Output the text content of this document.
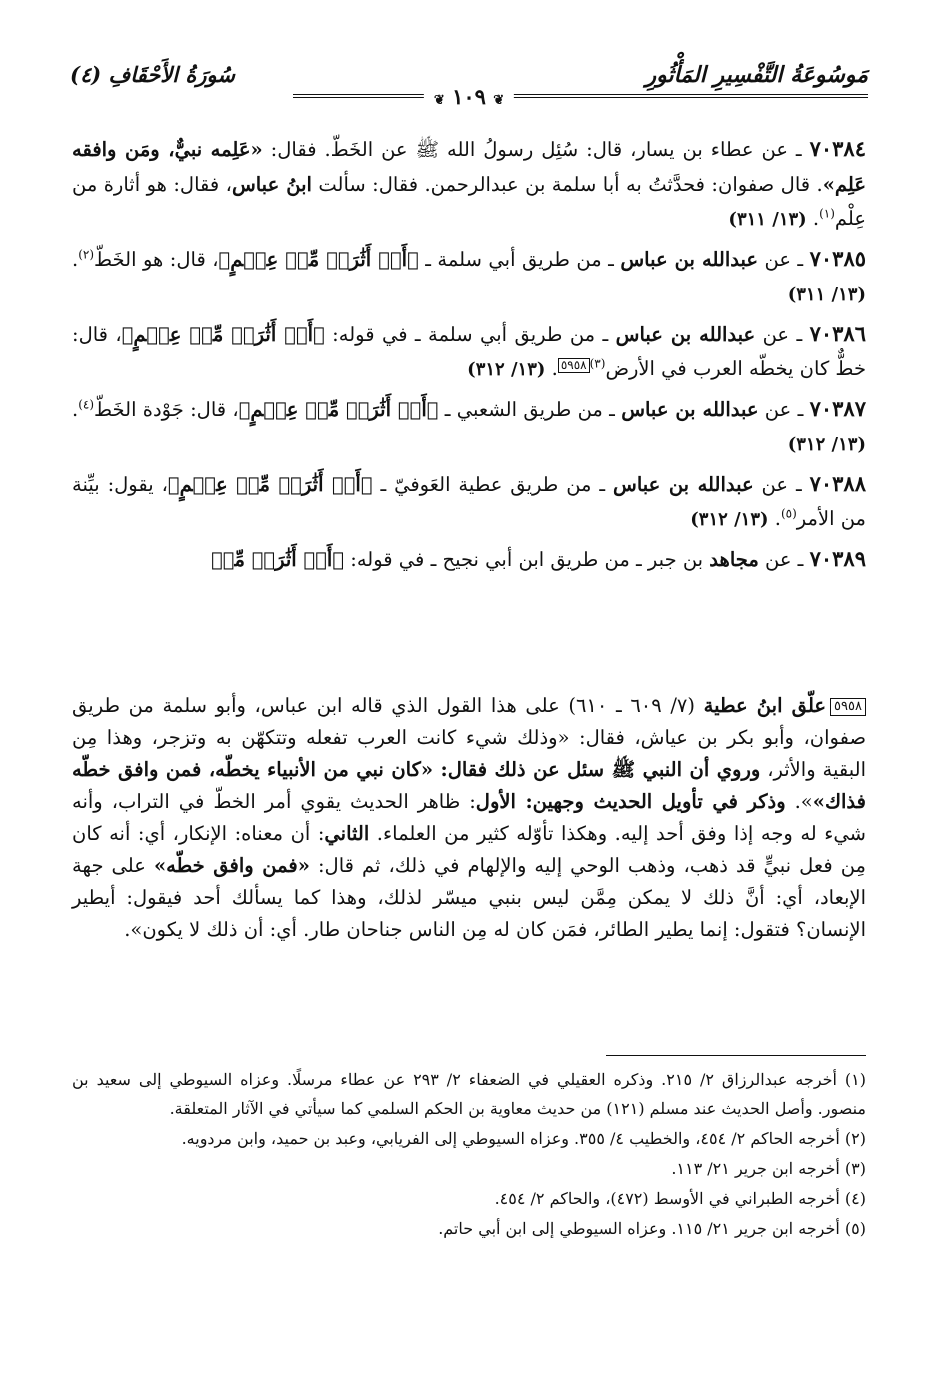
مَوسُوعَةُ التَّفْسِيرِ المَأْثُورِ
❦ ١٠٩ ❦
سُورَةُ الأَحْقَافِ (٤)

٧٠٣٨٤ ـ عن عطاء بن يسار، قال: سُئِل رسولُ الله ﷺ عن الخَطّ. فقال: «عَلِمه نبيٌّ، ومَن وافقه عَلِم». قال صفوان: فحدَّثتُ به أبا سلمة بن عبدالرحمن. فقال: سألت ابنُ عباس، فقال: هو أثارة من عِلْم$^{(١)}$. (١٣/ ٣١١)

٧٠٣٨٥ ـ عن عبدالله بن عباس ـ من طريق أبي سلمة ـ ﴿أَوۡ أَثَٰرَةٖ مِّنۡ عِلۡمٍ﴾، قال: هو الخَطّ$^{(٢)}$. (١٣/ ٣١١)

٧٠٣٨٦ ـ عن عبدالله بن عباس ـ من طريق أبي سلمة ـ في قوله: ﴿أَوۡ أَثَٰرَةٖ مِّنۡ عِلۡمٍ﴾، قال: خطٌّ كان يخطّه العرب في الأرض$^{(٣)}$٥٩٥٨. (١٣/ ٣١٢)

٧٠٣٨٧ ـ عن عبدالله بن عباس ـ من طريق الشعبي ـ ﴿أَوۡ أَثَٰرَةٖ مِّنۡ عِلۡمٍ﴾، قال: جَوْدة الخَطّ$^{(٤)}$. (١٣/ ٣١٢)

٧٠٣٨٨ ـ عن عبدالله بن عباس ـ من طريق عطية العَوفيّ ـ ﴿أَوۡ أَثَٰرَةٖ مِّنۡ عِلۡمٍ﴾، يقول: بيِّنة من الأمر$^{(٥)}$. (١٣/ ٣١٢)

٧٠٣٨٩ ـ عن مجاهد بن جبر ـ من طريق ابن أبي نجيح ـ في قوله: ﴿أَوۡ أَثَٰرَةٖ مِّنۡ

٥٩٥٨علّق ابنُ عطية (٧/ ٦٠٩ ـ ٦١٠) على هذا القول الذي قاله ابن عباس، وأبو سلمة من طريق صفوان، وأبو بكر بن عياش، فقال: «وذلك شيء كانت العرب تفعله وتتكهّن به وتزجر، وهذا مِن البقية والأثر، وروي أن النبي ﷺ سئل عن ذلك فقال: «كان نبي من الأنبياء يخطّه، فمن وافق خطّه فذاك»». وذكر في تأويل الحديث وجهين: الأول: ظاهر الحديث يقوي أمر الخطّ في التراب، وأنه شيء له وجه إذا وفق أحد إليه. وهكذا تأوّله كثير من العلماء. الثاني: أن معناه: الإنكار، أي: أنه كان مِن فعل نبيٍّ قد ذهب، وذهب الوحي إليه والإلهام في ذلك، ثم قال: «فمن وافق خطّه» على جهة الإبعاد، أي: أنَّ ذلك لا يمكن مِمَّن ليس بنبي ميسّر لذلك، وهذا كما يسألك أحد فيقول: أيطير الإنسان؟ فتقول: إنما يطير الطائر، فمَن كان له مِن الناس جناحان طار. أي: أن ذلك لا يكون».

(١) أخرجه عبدالرزاق ٢/ ٢١٥. وذكره العقيلي في الضعفاء ٢/ ٢٩٣ عن عطاء مرسلًا. وعزاه السيوطي إلى سعيد بن منصور. وأصل الحديث عند مسلم (١٢١) من حديث معاوية بن الحكم السلمي كما سيأتي في الآثار المتعلقة.

(٢) أخرجه الحاكم ٢/ ٤٥٤، والخطيب ٤/ ٣٥٥. وعزاه السيوطي إلى الفريابي، وعبد بن حميد، وابن مردويه.

(٣) أخرجه ابن جرير ٢١/ ١١٣.

(٤) أخرجه الطبراني في الأوسط (٤٧٢)، والحاكم ٢/ ٤٥٤.

(٥) أخرجه ابن جرير ٢١/ ١١٥. وعزاه السيوطي إلى ابن أبي حاتم.
